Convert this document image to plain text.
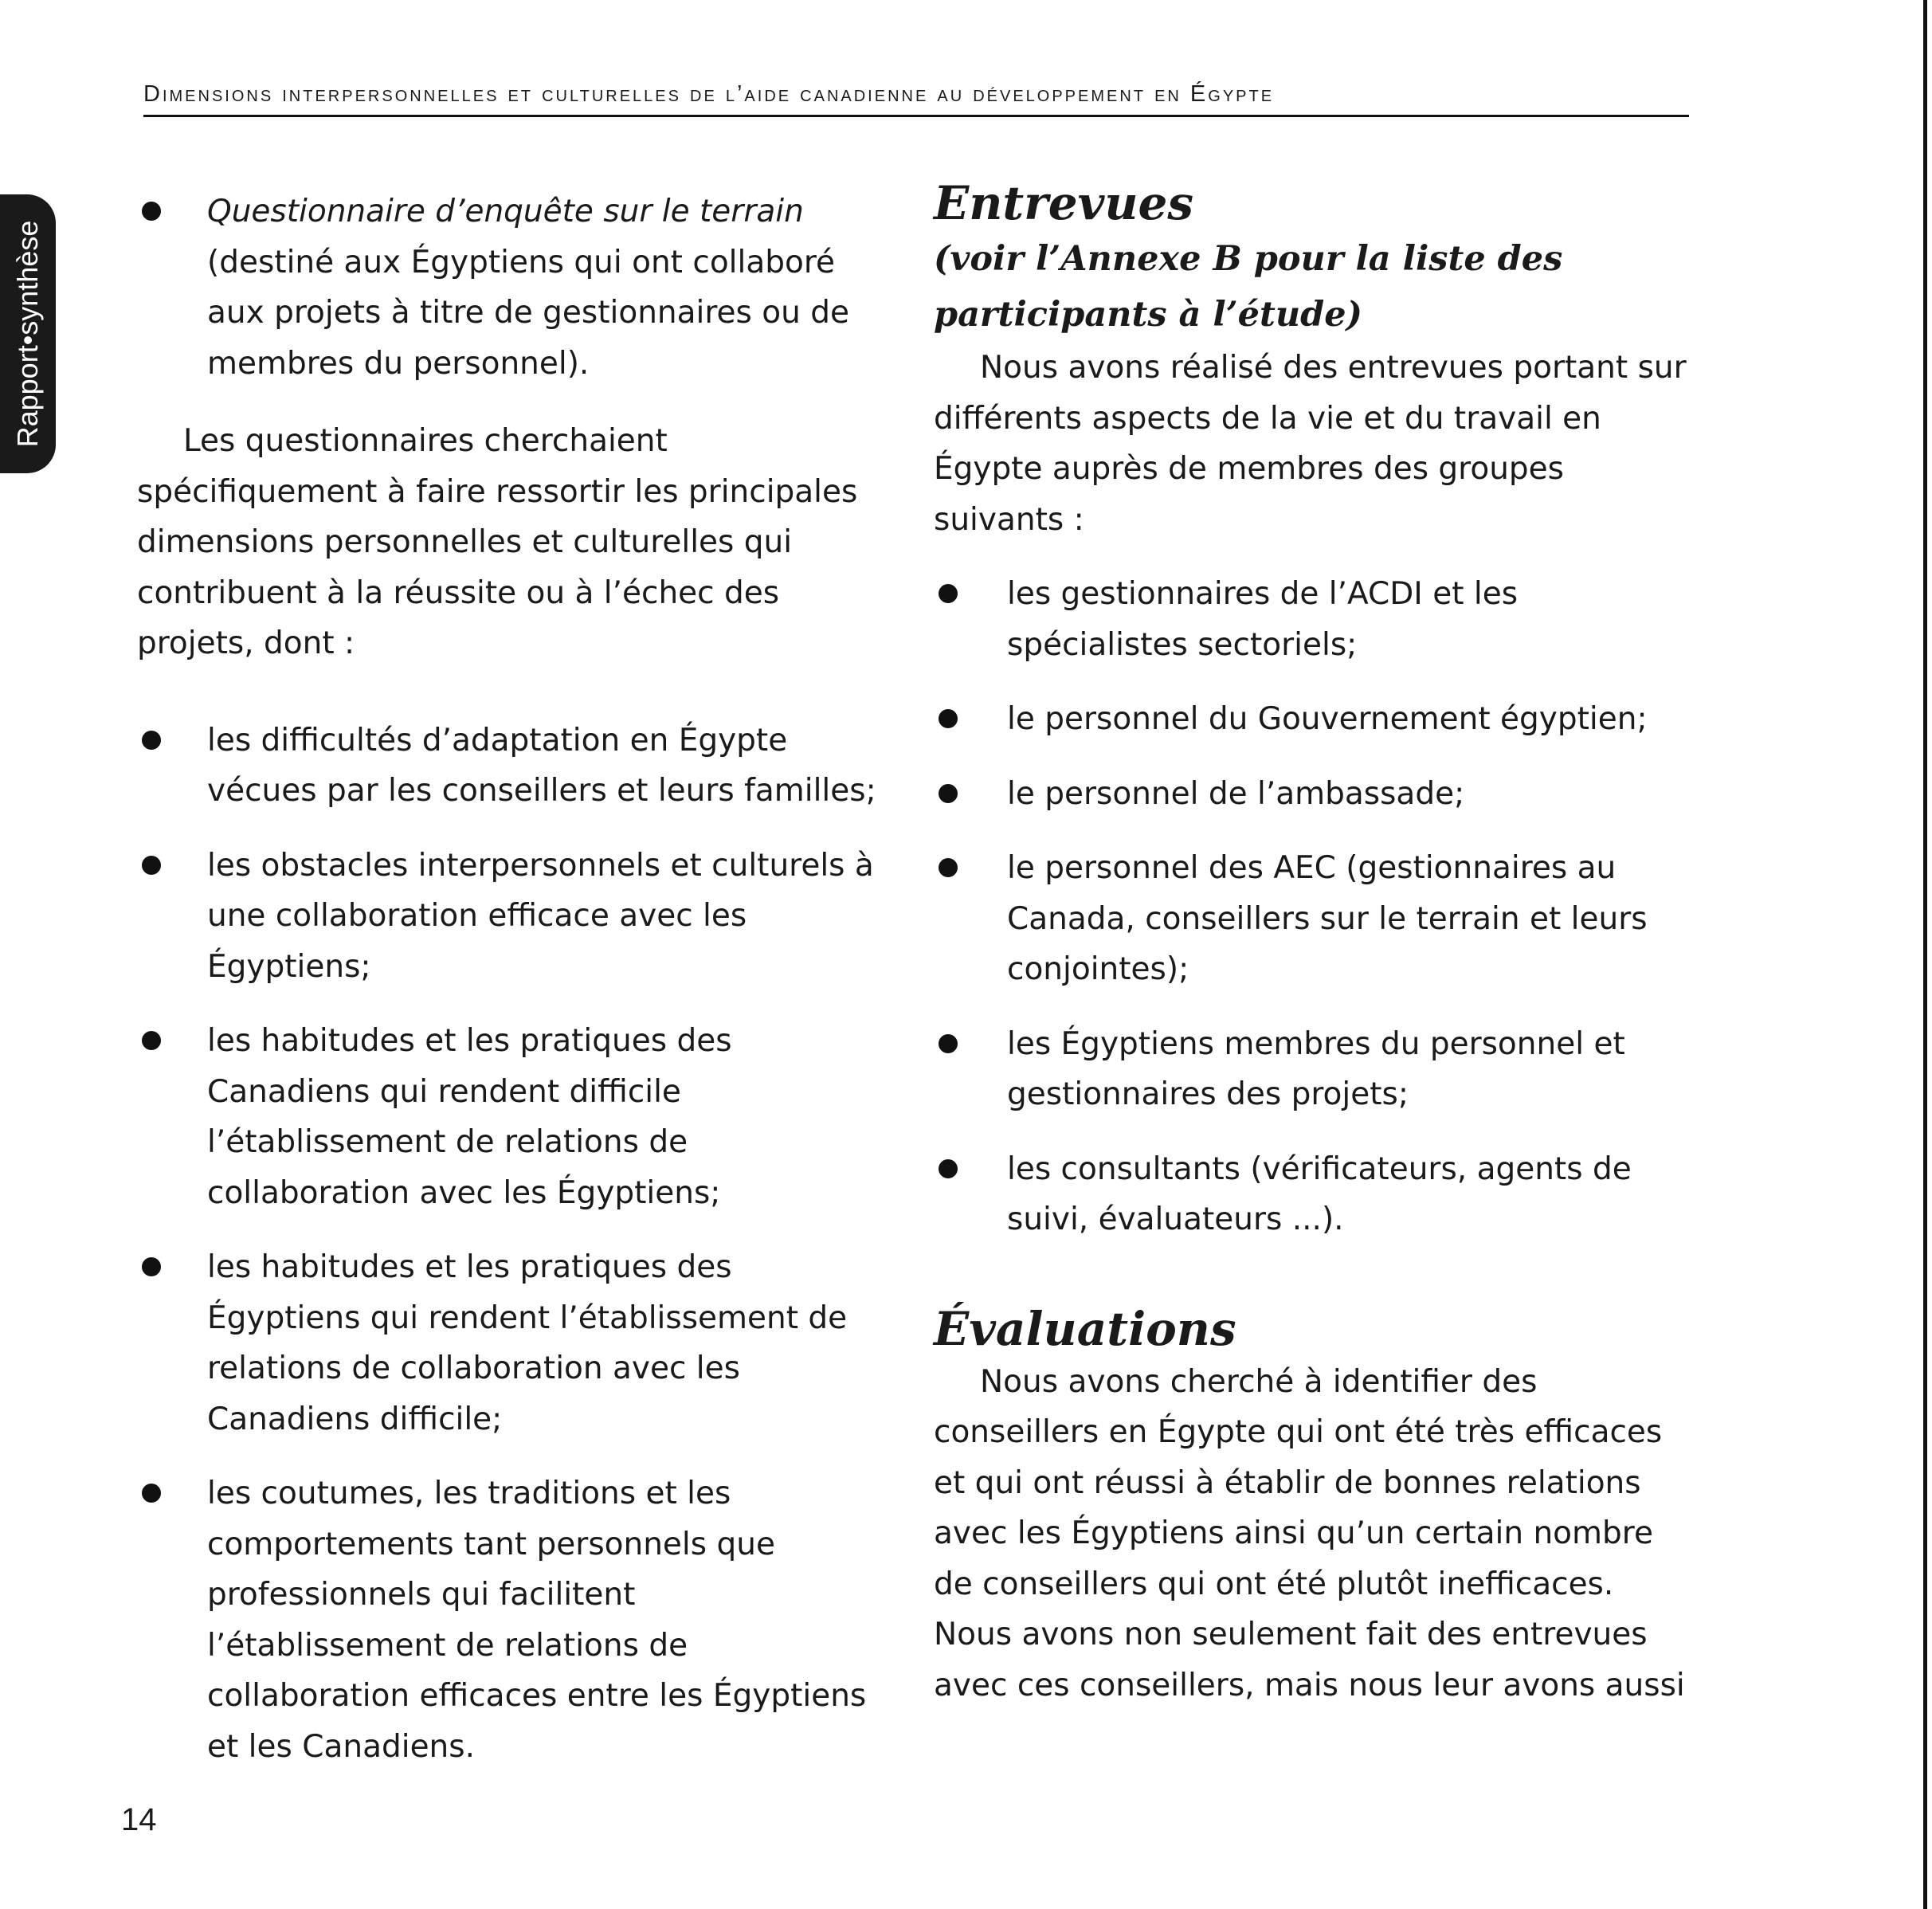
Dimensions interpersonnelles et culturelles de l’aide canadienne au développement en Égypte
Rapport•synthèse
Questionnaire d’enquête sur le terrain (destiné aux Égyptiens qui ont collaboré aux projets à titre de gestionnaires ou de membres du personnel).

Les questionnaires cherchaient spécifiquement à faire ressortir les principales dimensions personnelles et culturelles qui contribuent à la réussite ou à l’échec des projets, dont :

les difficultés d’adaptation en Égypte vécues par les conseillers et leurs familles;
les obstacles interpersonnels et culturels à une collaboration efficace avec les Égyptiens;
les habitudes et les pratiques des Canadiens qui rendent difficile l’établissement de relations de collaboration avec les Égyptiens;
les habitudes et les pratiques des Égyptiens qui rendent l’établissement de relations de collaboration avec les Canadiens difficile;
les coutumes, les traditions et les comportements tant personnels que professionnels qui facilitent l’établissement de relations de collaboration efficaces entre les Égyptiens et les Canadiens.
Entrevues
(voir l’Annexe B pour la liste des participants à l’étude)

Nous avons réalisé des entrevues portant sur différents aspects de la vie et du travail en Égypte auprès de membres des groupes suivants :

les gestionnaires de l’ACDI et les spécialistes sectoriels;
le personnel du Gouvernement égyptien;
le personnel de l’ambassade;
le personnel des AEC (gestionnaires au Canada, conseillers sur le terrain et leurs conjointes);
les Égyptiens membres du personnel et gestionnaires des projets;
les consultants (vérificateurs, agents de suivi, évaluateurs ...).
Évaluations

Nous avons cherché à identifier des conseillers en Égypte qui ont été très efficaces et qui ont réussi à établir de bonnes relations avec les Égyptiens ainsi qu’un certain nombre de conseillers qui ont été plutôt inefficaces. Nous avons non seulement fait des entrevues avec ces conseillers, mais nous leur avons aussi

14
